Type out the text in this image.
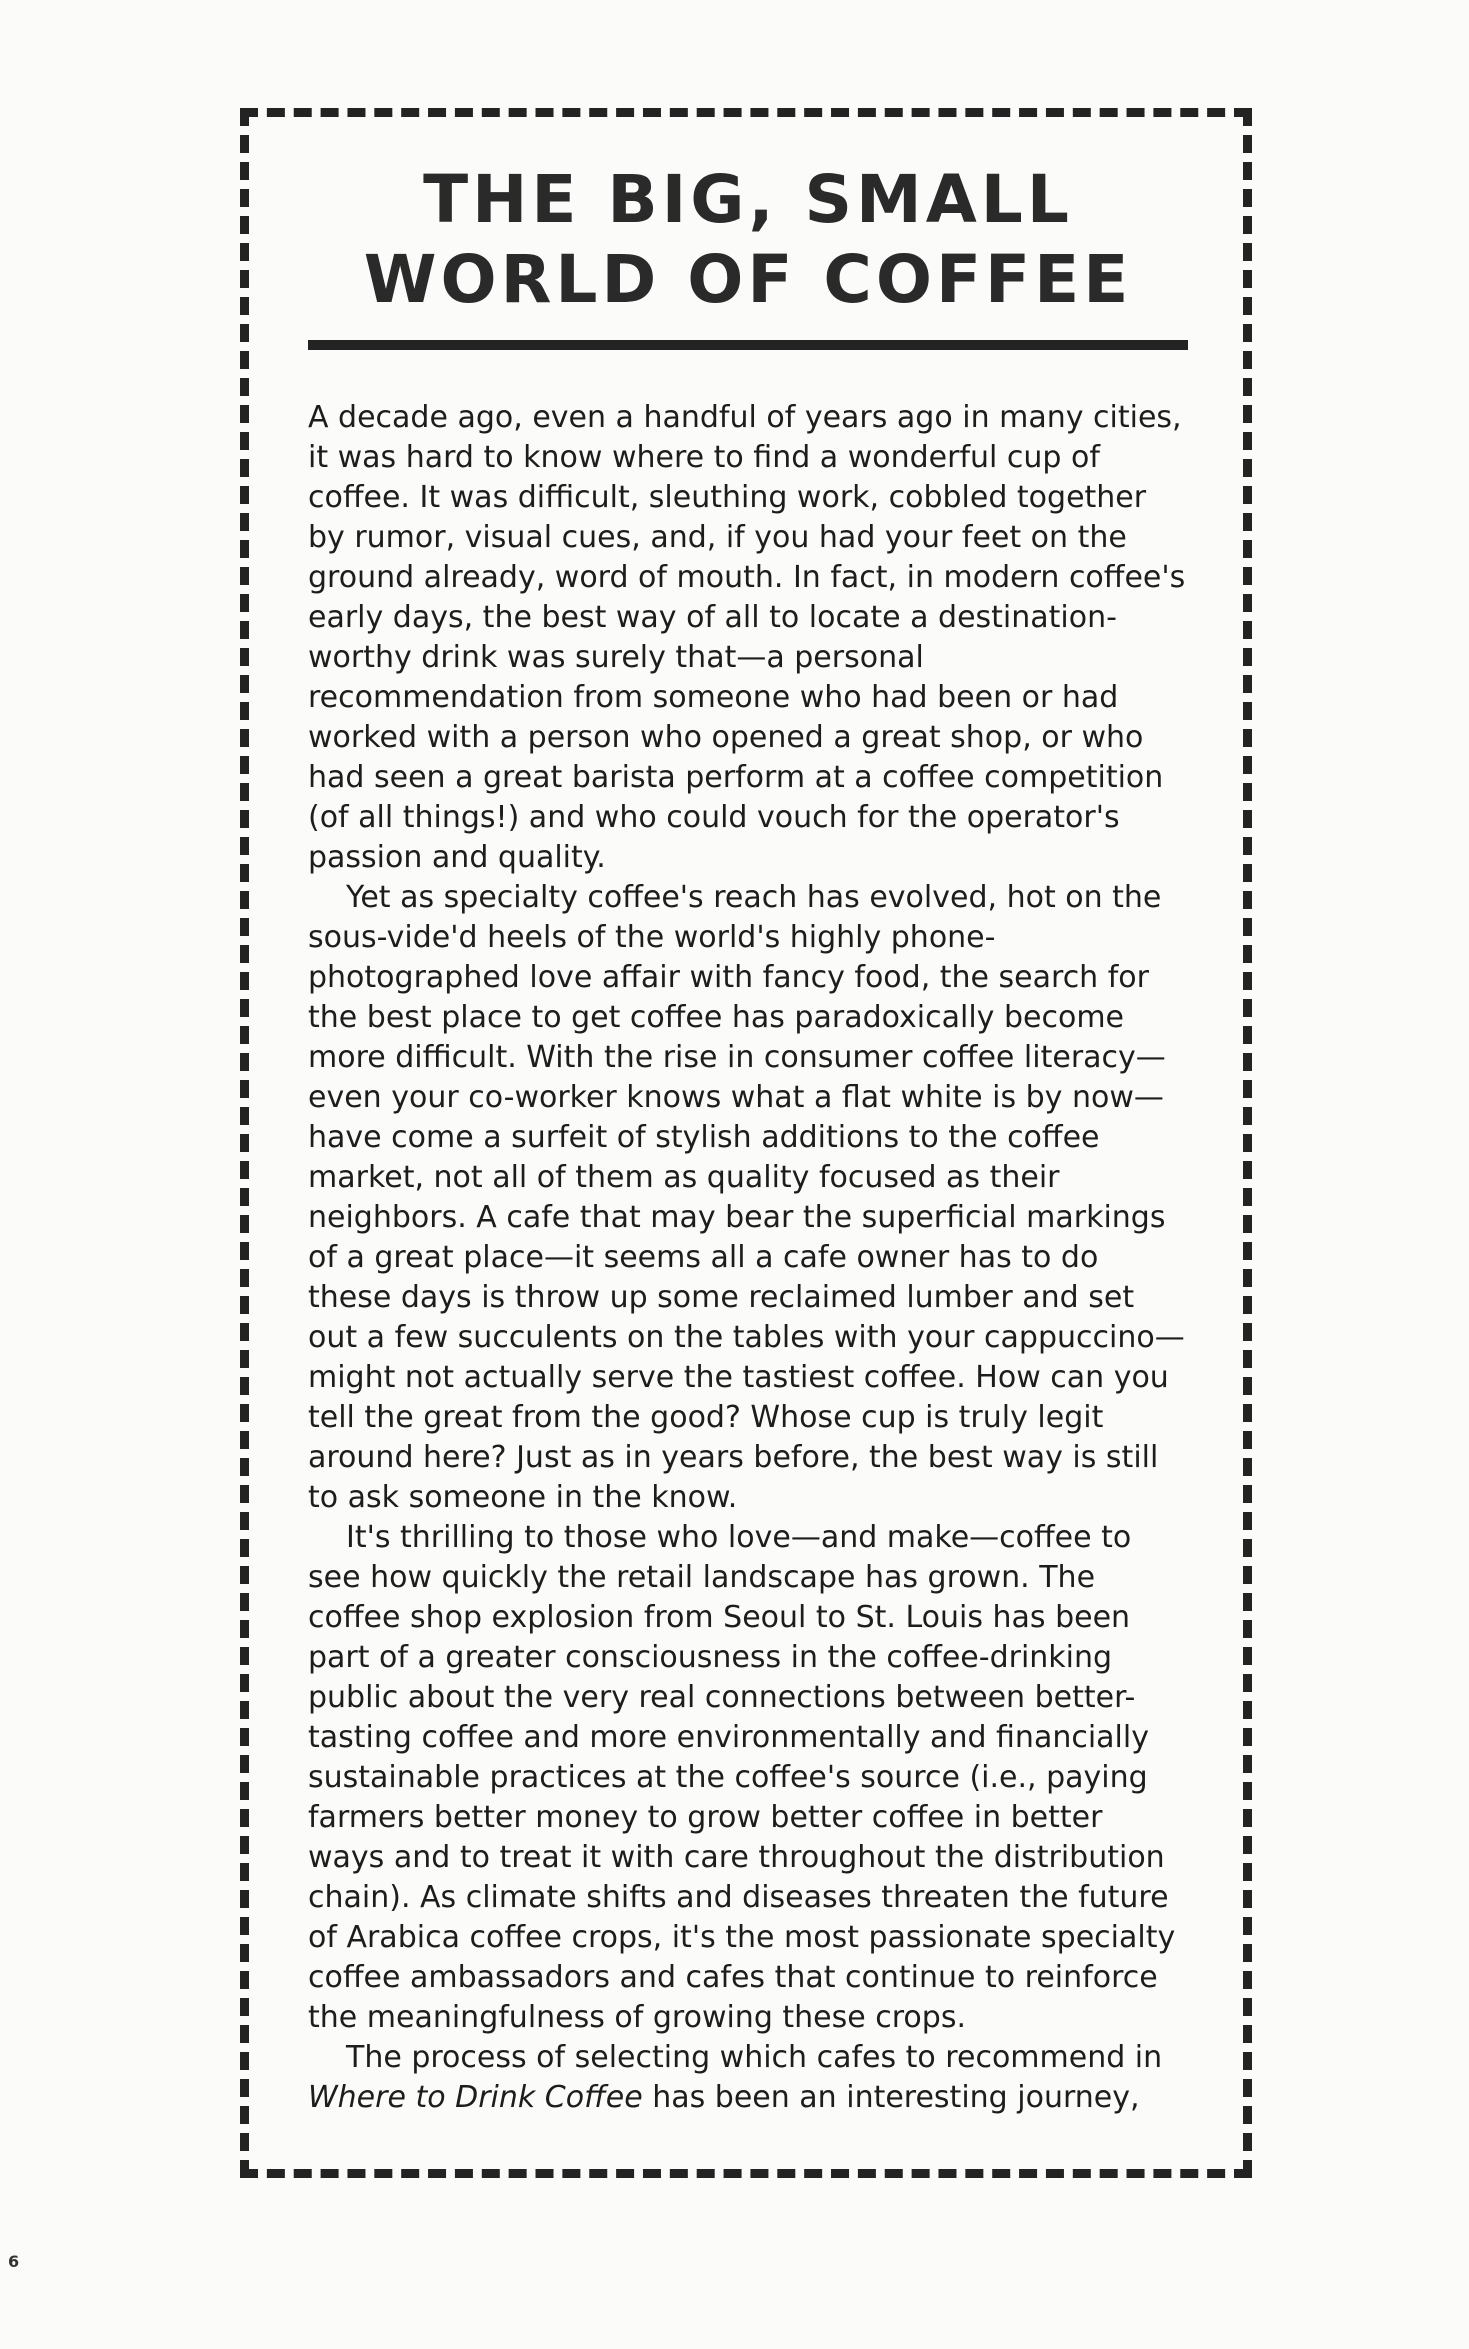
THE BIG, SMALL
WORLD OF COFFEE

A decade ago, even a handful of years ago in many cities, it was hard to know where to find a wonderful cup of coffee. It was difficult, sleuthing work, cobbled together by rumor, visual cues, and, if you had your feet on the ground already, word of mouth. In fact, in modern coffee's early days, the best way of all to locate a destination-worthy drink was surely that—a personal recommendation from someone who had been or had worked with a person who opened a great shop, or who had seen a great barista perform at a coffee competition (of all things!) and who could vouch for the operator's passion and quality.

Yet as specialty coffee's reach has evolved, hot on the sous-vide'd heels of the world's highly phone-photographed love affair with fancy food, the search for the best place to get coffee has paradoxically become more difficult. With the rise in consumer coffee literacy—even your co-worker knows what a flat white is by now—have come a surfeit of stylish additions to the coffee market, not all of them as quality focused as their neighbors. A cafe that may bear the superficial markings of a great place—it seems all a cafe owner has to do these days is throw up some reclaimed lumber and set out a few succulents on the tables with your cappuccino—might not actually serve the tastiest coffee. How can you tell the great from the good? Whose cup is truly legit around here? Just as in years before, the best way is still to ask someone in the know.

It's thrilling to those who love—and make—coffee to see how quickly the retail landscape has grown. The coffee shop explosion from Seoul to St. Louis has been part of a greater consciousness in the coffee-drinking public about the very real connections between better-tasting coffee and more environmentally and financially sustainable practices at the coffee's source (i.e., paying farmers better money to grow better coffee in better ways and to treat it with care throughout the distribution chain). As climate shifts and diseases threaten the future of Arabica coffee crops, it's the most passionate specialty coffee ambassadors and cafes that continue to reinforce the meaningfulness of growing these crops.

The process of selecting which cafes to recommend in Where to Drink Coffee has been an interesting journey,

6
